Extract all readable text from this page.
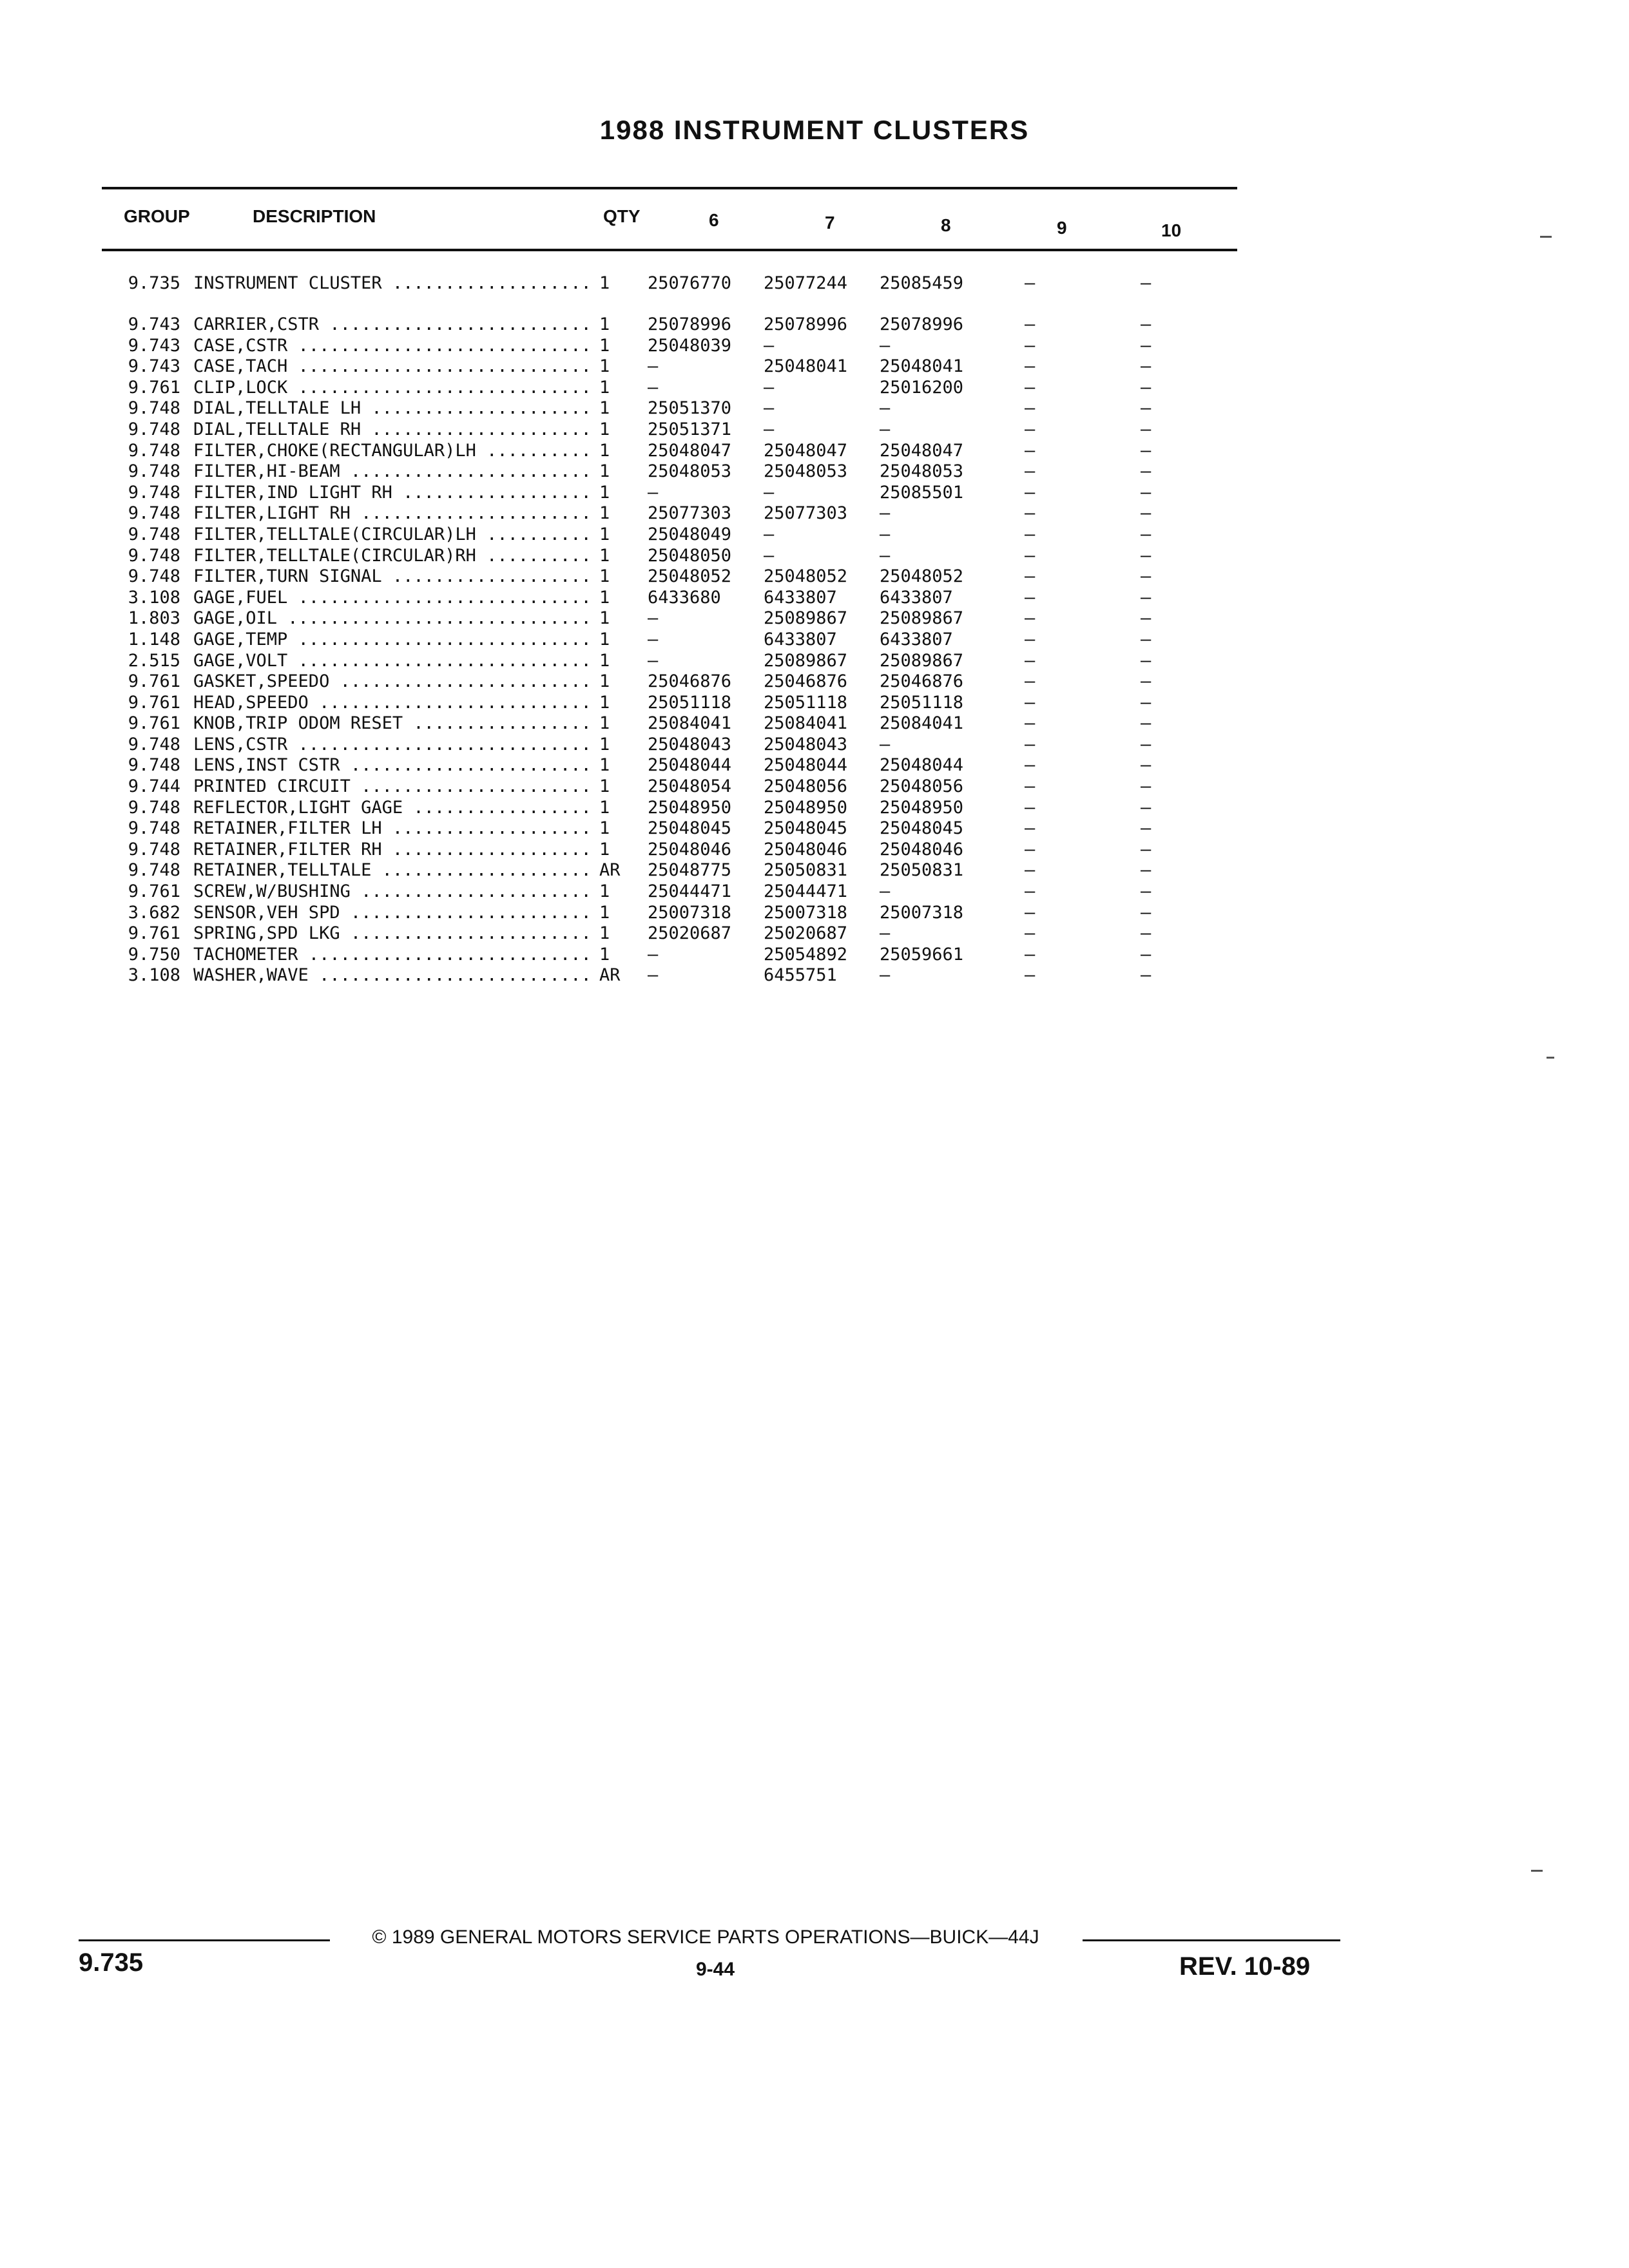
1988 INSTRUMENT CLUSTERS
GROUP	DESCRIPTION	QTY	6	7	8	9	10
9.735 INSTRUMENT CLUSTER .....	1	25076770	25077244	25085459	—	—
9.743 CARRIER,CSTR .....	1	25078996	25078996	25078996	—	—
9.743 CASE,CSTR .....	1	25048039	—	—	—	—
9.743 CASE,TACH .....	1	—	25048041	25048041	—	—
9.761 CLIP,LOCK .....	1	—	—	25016200	—	—
9.748 DIAL,TELLTALE LH .....	1	25051370	—	—	—	—
9.748 DIAL,TELLTALE RH .....	1	25051371	—	—	—	—
9.748 FILTER,CHOKE(RECTANGULAR)LH .....	1	25048047	25048047	25048047	—	—
9.748 FILTER,HI-BEAM .....	1	25048053	25048053	25048053	—	—
9.748 FILTER,IND LIGHT RH .....	1	—	—	25085501	—	—
9.748 FILTER,LIGHT RH .....	1	25077303	25077303	—	—	—
9.748 FILTER,TELLTALE(CIRCULAR)LH .....	1	25048049	—	—	—	—
9.748 FILTER,TELLTALE(CIRCULAR)RH .....	1	25048050	—	—	—	—
9.748 FILTER,TURN SIGNAL .....	1	25048052	25048052	25048052	—	—
3.108 GAGE,FUEL .....	1	6433680	6433807	6433807	—	—
1.803 GAGE,OIL .....	1	—	25089867	25089867	—	—
1.148 GAGE,TEMP .....	1	—	6433807	6433807	—	—
2.515 GAGE,VOLT .....	1	—	25089867	25089867	—	—
9.761 GASKET,SPEEDO .....	1	25046876	25046876	25046876	—	—
9.761 HEAD,SPEEDO .....	1	25051118	25051118	25051118	—	—
9.761 KNOB,TRIP ODOM RESET .....	1	25084041	25084041	25084041	—	—
9.748 LENS,CSTR .....	1	25048043	25048043	—	—	—
9.748 LENS,INST CSTR .....	1	25048044	25048044	25048044	—	—
9.744 PRINTED CIRCUIT .....	1	25048054	25048056	25048056	—	—
9.748 REFLECTOR,LIGHT GAGE .....	1	25048950	25048950	25048950	—	—
9.748 RETAINER,FILTER LH .....	1	25048045	25048045	25048045	—	—
9.748 RETAINER,FILTER RH .....	1	25048046	25048046	25048046	—	—
9.748 RETAINER,TELLTALE .....	AR	25048775	25050831	25050831	—	—
9.761 SCREW,W/BUSHING .....	1	25044471	25044471	—	—	—
3.682 SENSOR,VEH SPD .....	1	25007318	25007318	25007318	—	—
9.761 SPRING,SPD LKG .....	1	25020687	25020687	—	—	—
9.750 TACHOMETER .....	1	—	25054892	25059661	—	—
3.108 WASHER,WAVE .....	AR	—	6455751	—	—	—
© 1989 GENERAL MOTORS SERVICE PARTS OPERATIONS—BUICK—44J
9.735	9-44	REV. 10-89
